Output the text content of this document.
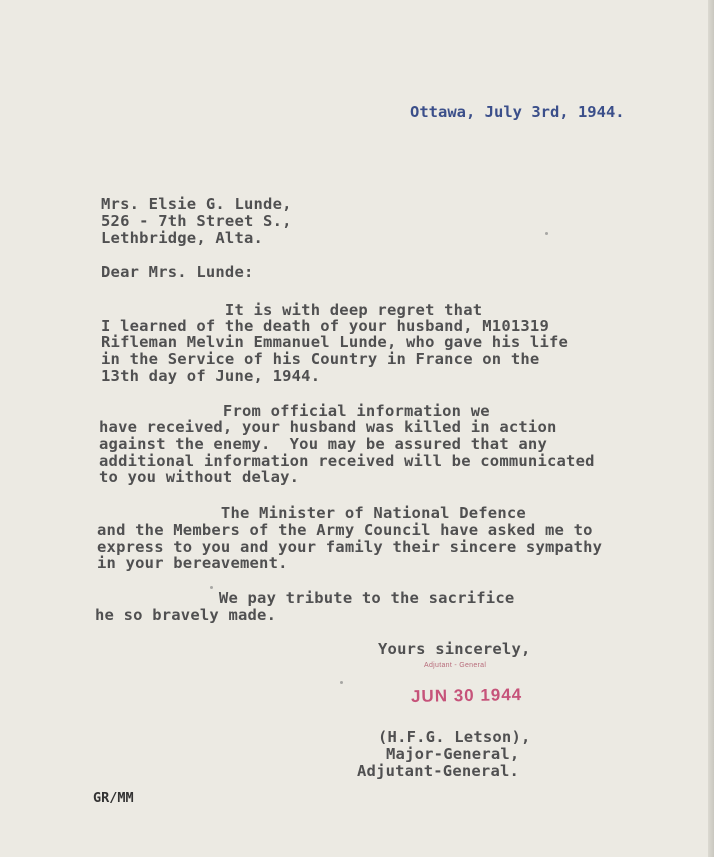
Ottawa, July 3rd, 1944.
Mrs. Elsie G. Lunde,
526 - 7th Street S.,
Lethbridge, Alta.
Dear Mrs. Lunde:
It is with deep regret that
I learned of the death of your husband, M101319
Rifleman Melvin Emmanuel Lunde, who gave his life
in the Service of his Country in France on the
13th day of June, 1944.
From official information we
have received, your husband was killed in action
against the enemy.  You may be assured that any
additional information received will be communicated
to you without delay.
The Minister of National Defence
and the Members of the Army Council have asked me to
express to you and your family their sincere sympathy
in your bereavement.
We pay tribute to the sacrifice
he so bravely made.
Yours sincerely,
Adjutant - General
JUN 30 1944
(H.F.G. Letson),
Major-General,
Adjutant-General.
GR/MM
